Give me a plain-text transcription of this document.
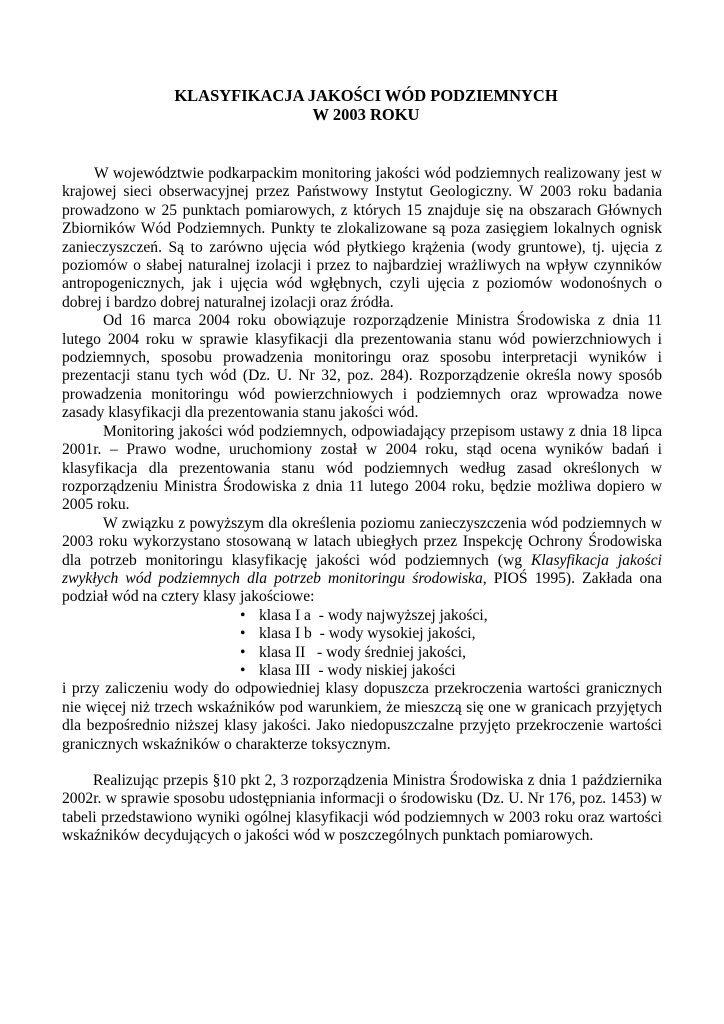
KLASYFIKACJA JAKOŚCI WÓD PODZIEMNYCH
W 2003 ROKU

W województwie podkarpackim monitoring jakości wód podziemnych realizowany jest w krajowej sieci obserwacyjnej przez Państwowy Instytut Geologiczny. W 2003 roku badania prowadzono w 25 punktach pomiarowych, z których 15 znajduje się na obszarach Głównych Zbiorników Wód Podziemnych. Punkty te zlokalizowane są poza zasięgiem lokalnych ognisk zanieczyszczeń. Są to zarówno ujęcia wód płytkiego krążenia (wody gruntowe), tj. ujęcia z poziomów o słabej naturalnej izolacji i przez to najbardziej wrażliwych na wpływ czynników antropogenicznych, jak i ujęcia wód wgłębnych, czyli ujęcia z poziomów wodonośnych o dobrej i bardzo dobrej naturalnej izolacji oraz źródła.

Od 16 marca 2004 roku obowiązuje rozporządzenie Ministra Środowiska z dnia 11 lutego 2004 roku w sprawie klasyfikacji dla prezentowania stanu wód powierzchniowych i podziemnych, sposobu prowadzenia monitoringu oraz sposobu interpretacji wyników i prezentacji stanu tych wód (Dz. U. Nr 32, poz. 284). Rozporządzenie określa nowy sposób prowadzenia monitoringu wód powierzchniowych i podziemnych oraz wprowadza nowe zasady klasyfikacji dla prezentowania stanu jakości wód.

Monitoring jakości wód podziemnych, odpowiadający przepisom ustawy z dnia 18 lipca 2001r. – Prawo wodne, uruchomiony został w 2004 roku, stąd ocena wyników badań i klasyfikacja dla prezentowania stanu wód podziemnych według zasad określonych w rozporządzeniu Ministra Środowiska z dnia 11 lutego 2004 roku, będzie możliwa dopiero w 2005 roku.

W związku z powyższym dla określenia poziomu zanieczyszczenia wód podziemnych w 2003 roku wykorzystano stosowaną w latach ubiegłych przez Inspekcję Ochrony Środowiska dla potrzeb monitoringu klasyfikację jakości wód podziemnych (wg Klasyfikacja jakości zwykłych wód podziemnych dla potrzeb monitoringu środowiska, PIOŚ 1995). Zakłada ona podział wód na cztery klasy jakościowe:

• klasa I a  - wody najwyższej jakości,
• klasa I b  - wody wysokiej jakości,
• klasa II   - wody średniej jakości,
• klasa III  - wody niskiej jakości

i przy zaliczeniu wody do odpowiedniej klasy dopuszcza przekroczenia wartości granicznych nie więcej niż trzech wskaźników pod warunkiem, że mieszczą się one w granicach przyjętych dla bezpośrednio niższej klasy jakości. Jako niedopuszczalne przyjęto przekroczenie wartości granicznych wskaźników o charakterze toksycznym.

Realizując przepis §10 pkt 2, 3 rozporządzenia Ministra Środowiska z dnia 1 października 2002r. w sprawie sposobu udostępniania informacji o środowisku (Dz. U. Nr 176, poz. 1453) w tabeli przedstawiono wyniki ogólnej klasyfikacji wód podziemnych w 2003 roku oraz wartości wskaźników decydujących o jakości wód w poszczególnych punktach pomiarowych.
